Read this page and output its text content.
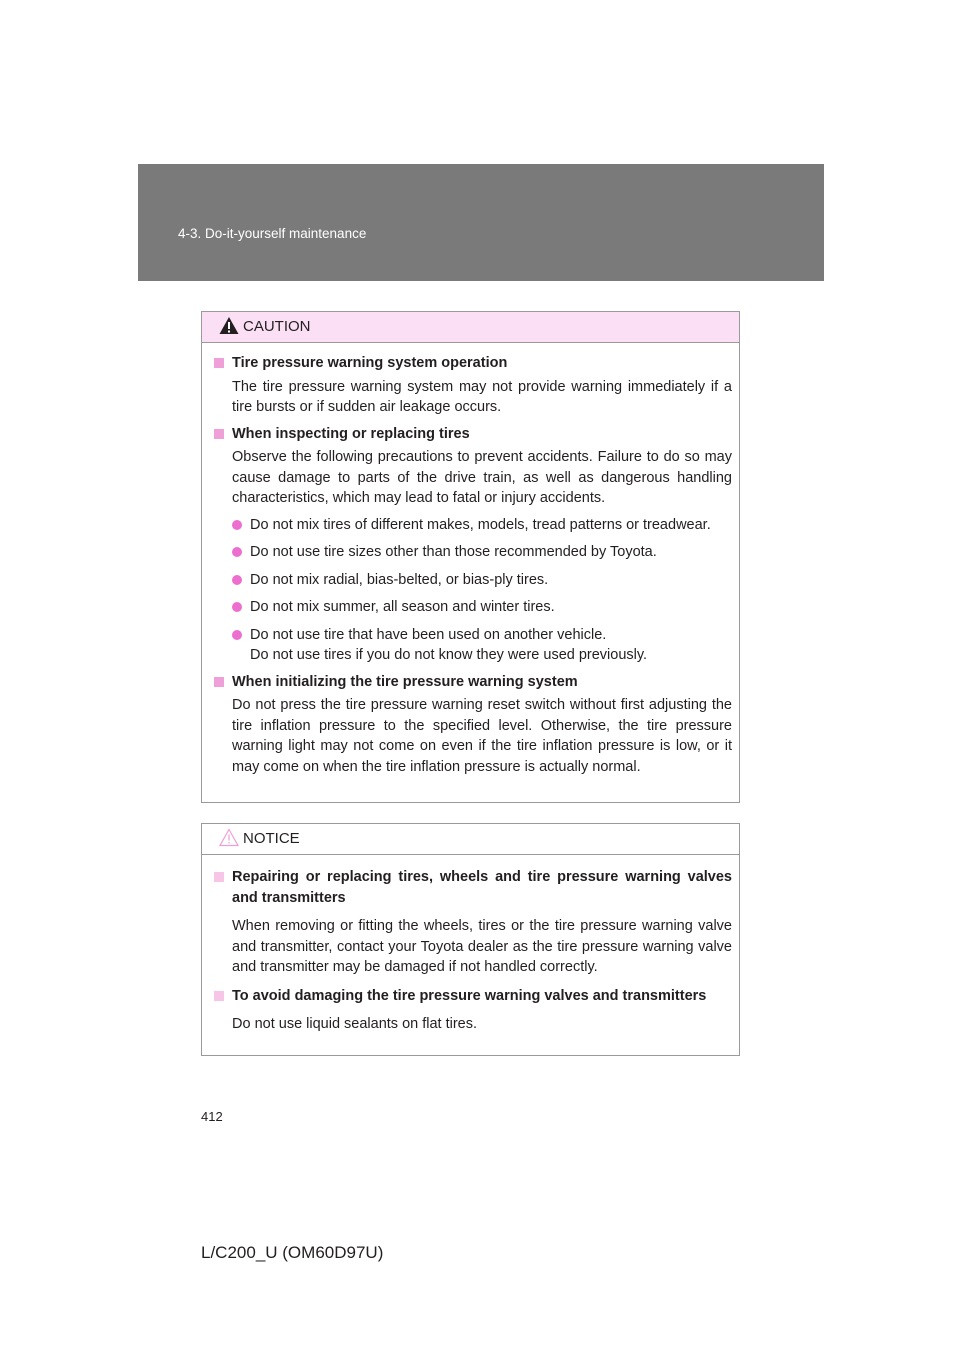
4-3. Do-it-yourself maintenance
CAUTION

Tire pressure warning system operation

The tire pressure warning system may not provide warning immediately if a tire bursts or if sudden air leakage occurs.

When inspecting or replacing tires

Observe the following precautions to prevent accidents. Failure to do so may cause damage to parts of the drive train, as well as dangerous handling characteristics, which may lead to fatal or injury accidents.

Do not mix tires of different makes, models, tread patterns or treadwear.
Do not use tire sizes other than those recommended by Toyota.
Do not mix radial, bias-belted, or bias-ply tires.
Do not mix summer, all season and winter tires.
Do not use tire that have been used on another vehicle.
Do not use tires if you do not know they were used previously.

When initializing the tire pressure warning system

Do not press the tire pressure warning reset switch without first adjusting the tire inflation pressure to the specified level. Otherwise, the tire pressure warning light may not come on even if the tire inflation pressure is low, or it may come on when the tire inflation pressure is actually normal.

NOTICE

Repairing or replacing tires, wheels and tire pressure warning valves and transmitters

When removing or fitting the wheels, tires or the tire pressure warning valve and transmitter, contact your Toyota dealer as the tire pressure warning valve and transmitter may be damaged if not handled correctly.

To avoid damaging the tire pressure warning valves and transmitters

Do not use liquid sealants on flat tires.

412
L/C200_U (OM60D97U)
